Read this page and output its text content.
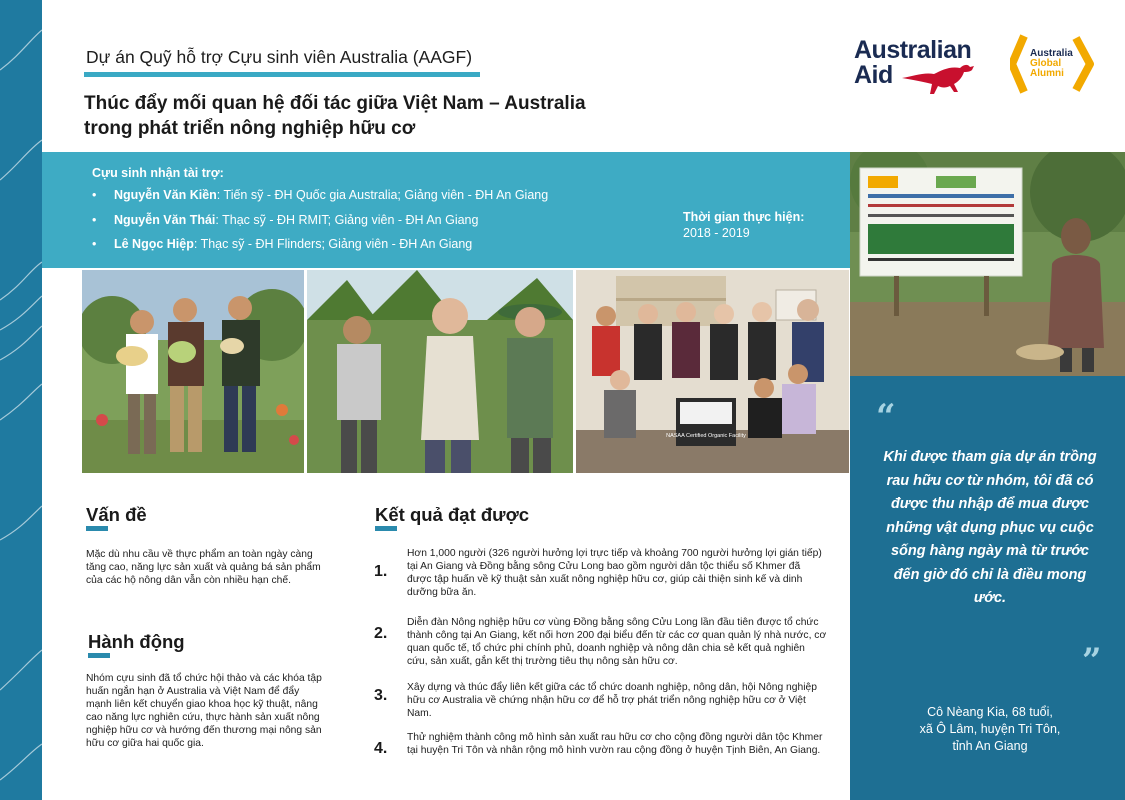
Dự án Quỹ hỗ trợ Cựu sinh viên Australia (AAGF)
Thúc đẩy mối quan hệ đối tác giữa Việt Nam – Australia
trong phát triển nông nghiệp hữu cơ
Australian
Aid
Australia
Global
Alumni
Cựu sinh nhận tài trợ:
• Nguyễn Văn Kiền: Tiến sỹ - ĐH Quốc gia Australia; Giảng viên - ĐH An Giang
• Nguyễn Văn Thái: Thạc sỹ - ĐH RMIT; Giảng viên - ĐH An Giang
• Lê Ngọc Hiệp: Thạc sỹ - ĐH Flinders; Giảng viên - ĐH An Giang
Thời gian thực hiện:
2018 - 2019
NASAA Certified Organic Facility
Vấn đề
Mặc dù nhu cầu về thực phẩm an toàn ngày càng tăng cao, năng lực sản xuất và quảng bá sản phẩm của các hộ nông dân vẫn còn nhiều hạn chế.
Hành động
Nhóm cựu sinh đã tổ chức hội thảo và các khóa tập huấn ngắn hạn ở Australia và Việt Nam để đẩy mạnh liên kết chuyển giao khoa học kỹ thuật, nâng cao năng lực nghiên cứu, thực hành sản xuất nông nghiệp hữu cơ và hướng đến thương mại nông sản hữu cơ giữa hai quốc gia.
Kết quả đạt được
1.
Hơn 1,000 người (326 người hưởng lợi trực tiếp và khoảng 700 người hưởng lợi gián tiếp) tại An Giang và Đồng bằng sông Cửu Long bao gồm người dân tộc thiểu số Khmer đã được tập huấn về kỹ thuật sản xuất nông nghiệp hữu cơ, giúp cải thiện sinh kế và dinh dưỡng bữa ăn.
2.
Diễn đàn Nông nghiệp hữu cơ vùng Đồng bằng sông Cửu Long lần đầu tiên được tổ chức thành công tại An Giang, kết nối hơn 200 đại biểu đến từ các cơ quan quản lý nhà nước, cơ quan quốc tế, tổ chức phi chính phủ, doanh nghiệp và nông dân chia sẻ kết quả nghiên cứu, sản xuất, gắn kết thị trường tiêu thụ nông sản hữu cơ.
3. Xây dựng và thúc đẩy liên kết giữa các tổ chức doanh nghiệp, nông dân, hội Nông nghiệp hữu cơ Australia về chứng nhận hữu cơ để hỗ trợ phát triển nông nghiệp hữu cơ ở Việt Nam.
4.
Thử nghiệm thành công mô hình sản xuất rau hữu cơ cho cộng đồng người dân tộc Khmer tại huyện Tri Tôn và nhân rộng mô hình vườn rau cộng đồng ở huyện Tịnh Biên, An Giang.
“
Khi được tham gia dự án trồng rau hữu cơ từ nhóm, tôi đã có được thu nhập để mua được những vật dụng phục vụ cuộc sống hàng ngày mà từ trước đến giờ đó chỉ là điều mong ước.
”
Cô Nèang Kia, 68 tuổi,
xã Ô Lâm, huyện Tri Tôn,
tỉnh An Giang
